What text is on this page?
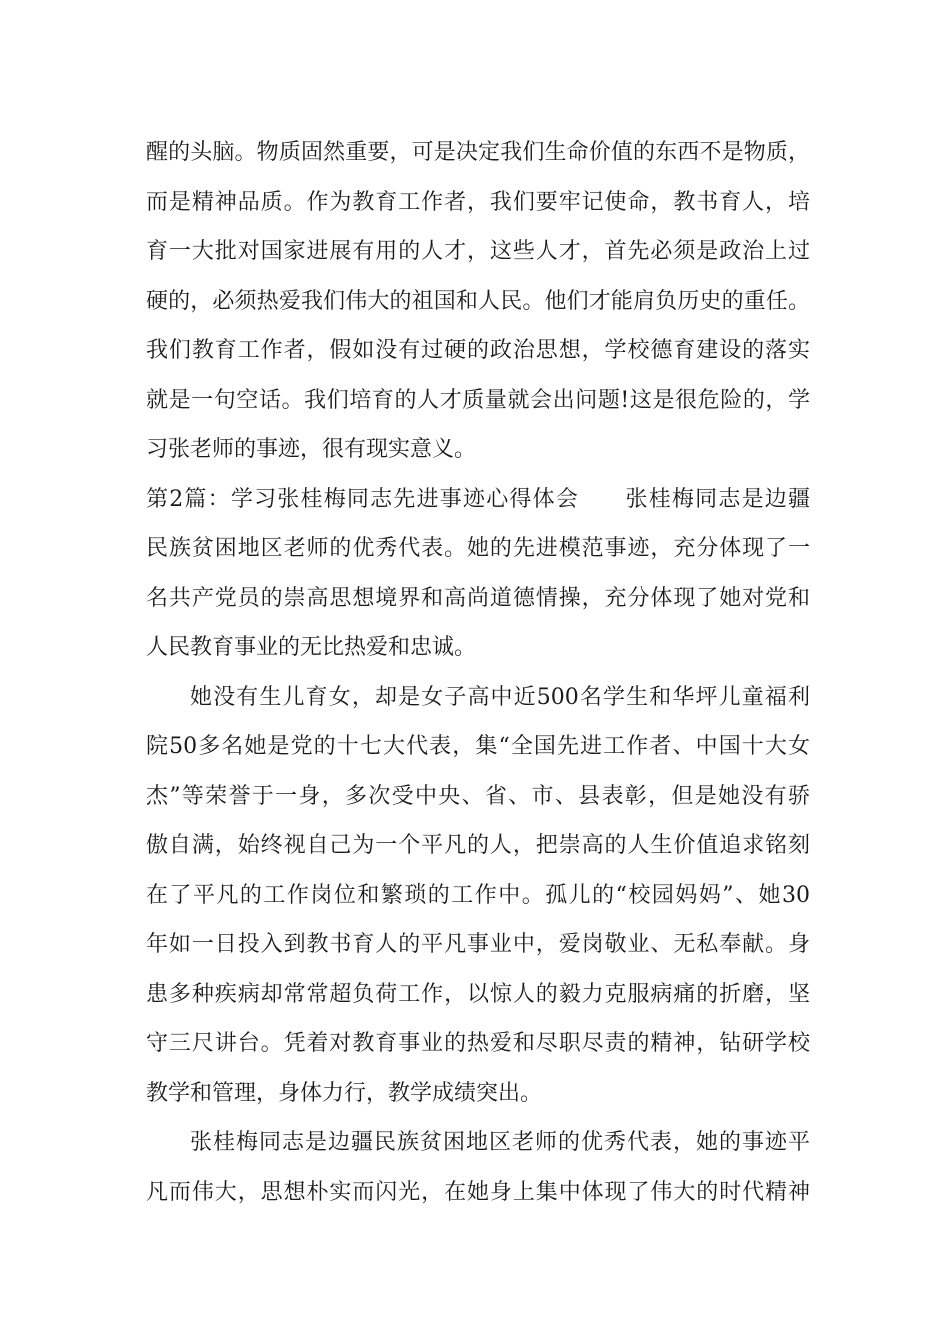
醒的头脑。物质固然重要，可是决定我们生命价值的东西不是物质，
而是精神品质。作为教育工作者，我们要牢记使命，教书育人，培
育一大批对国家进展有用的人才，这些人才，首先必须是政治上过
硬的，必须热爱我们伟大的祖国和人民。他们才能肩负历史的重任。
我们教育工作者，假如没有过硬的政治思想，学校德育建设的落实
就是一句空话。我们培育的人才质量就会出问题!这是很危险的，学
习张老师的事迹，很有现实意义。
第2篇：学习张桂梅同志先进事迹心得体会　　张桂梅同志是边疆
民族贫困地区老师的优秀代表。她的先进模范事迹，充分体现了一
名共产党员的崇高思想境界和高尚道德情操，充分体现了她对党和
人民教育事业的无比热爱和忠诚。
她没有生儿育女，却是女子高中近500名学生和华坪儿童福利
院50多名她是党的十七大代表，集“全国先进工作者、中国十大女
杰”等荣誉于一身，多次受中央、省、市、县表彰，但是她没有骄
傲自满，始终视自己为一个平凡的人，把崇高的人生价值追求铭刻
在了平凡的工作岗位和繁琐的工作中。孤儿的“校园妈妈”、她30
年如一日投入到教书育人的平凡事业中，爱岗敬业、无私奉献。身
患多种疾病却常常超负荷工作，以惊人的毅力克服病痛的折磨，坚
守三尺讲台。凭着对教育事业的热爱和尽职尽责的精神，钻研学校
教学和管理，身体力行，教学成绩突出。
张桂梅同志是边疆民族贫困地区老师的优秀代表，她的事迹平
凡而伟大，思想朴实而闪光，在她身上集中体现了伟大的时代精神
